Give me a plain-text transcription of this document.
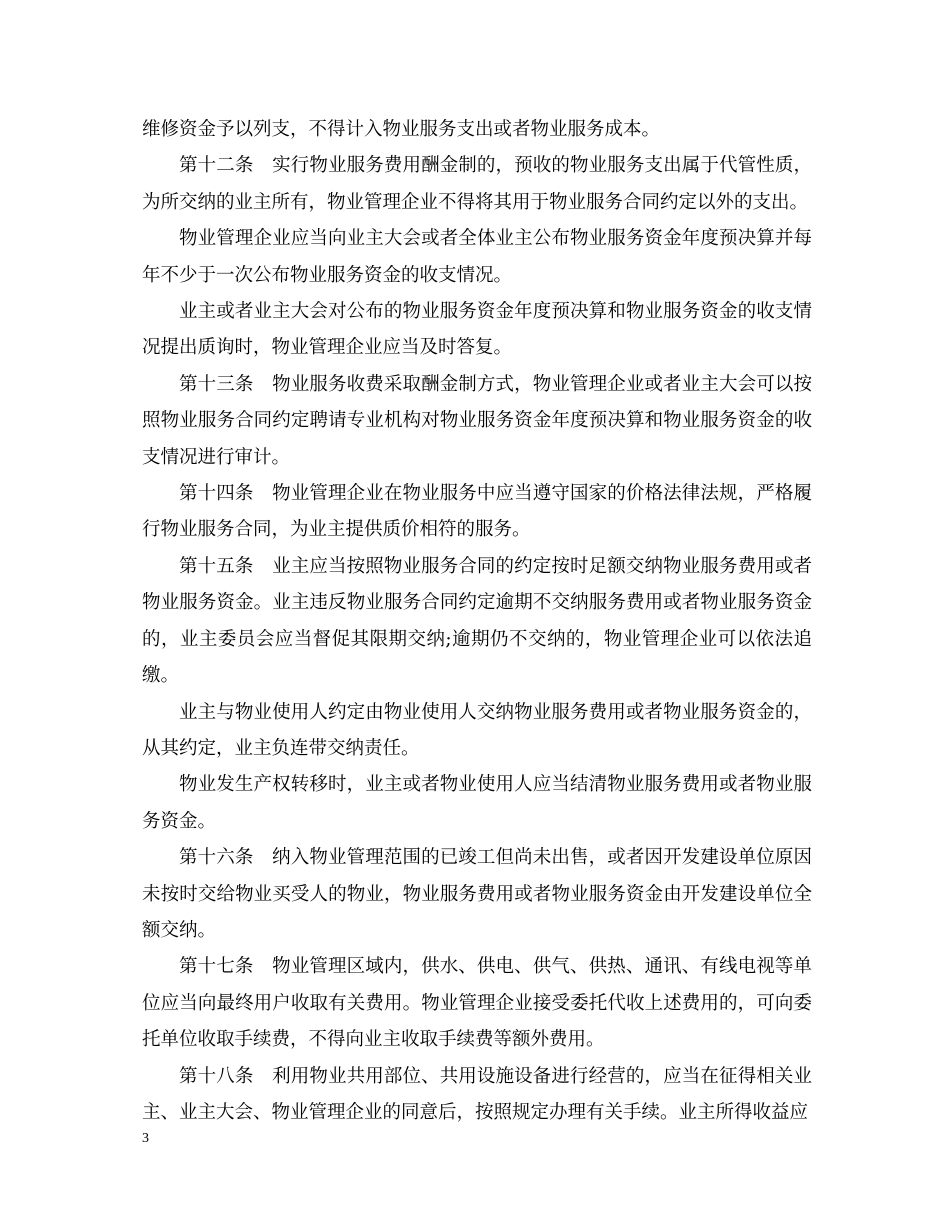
维修资金予以列支，不得计入物业服务支出或者物业服务成本。

第十二条　实行物业服务费用酬金制的，预收的物业服务支出属于代管性质，为所交纳的业主所有，物业管理企业不得将其用于物业服务合同约定以外的支出。

物业管理企业应当向业主大会或者全体业主公布物业服务资金年度预决算并每年不少于一次公布物业服务资金的收支情况。

业主或者业主大会对公布的物业服务资金年度预决算和物业服务资金的收支情况提出质询时，物业管理企业应当及时答复。

第十三条　物业服务收费采取酬金制方式，物业管理企业或者业主大会可以按照物业服务合同约定聘请专业机构对物业服务资金年度预决算和物业服务资金的收支情况进行审计。

第十四条　物业管理企业在物业服务中应当遵守国家的价格法律法规，严格履行物业服务合同，为业主提供质价相符的服务。

第十五条　业主应当按照物业服务合同的约定按时足额交纳物业服务费用或者物业服务资金。业主违反物业服务合同约定逾期不交纳服务费用或者物业服务资金的，业主委员会应当督促其限期交纳;逾期仍不交纳的，物业管理企业可以依法追缴。

业主与物业使用人约定由物业使用人交纳物业服务费用或者物业服务资金的，从其约定，业主负连带交纳责任。

物业发生产权转移时，业主或者物业使用人应当结清物业服务费用或者物业服务资金。

第十六条　纳入物业管理范围的已竣工但尚未出售，或者因开发建设单位原因未按时交给物业买受人的物业，物业服务费用或者物业服务资金由开发建设单位全额交纳。

第十七条　物业管理区域内，供水、供电、供气、供热、通讯、有线电视等单位应当向最终用户收取有关费用。物业管理企业接受委托代收上述费用的，可向委托单位收取手续费，不得向业主收取手续费等额外费用。

第十八条　利用物业共用部位、共用设施设备进行经营的，应当在征得相关业主、业主大会、物业管理企业的同意后，按照规定办理有关手续。业主所得收益应

3
